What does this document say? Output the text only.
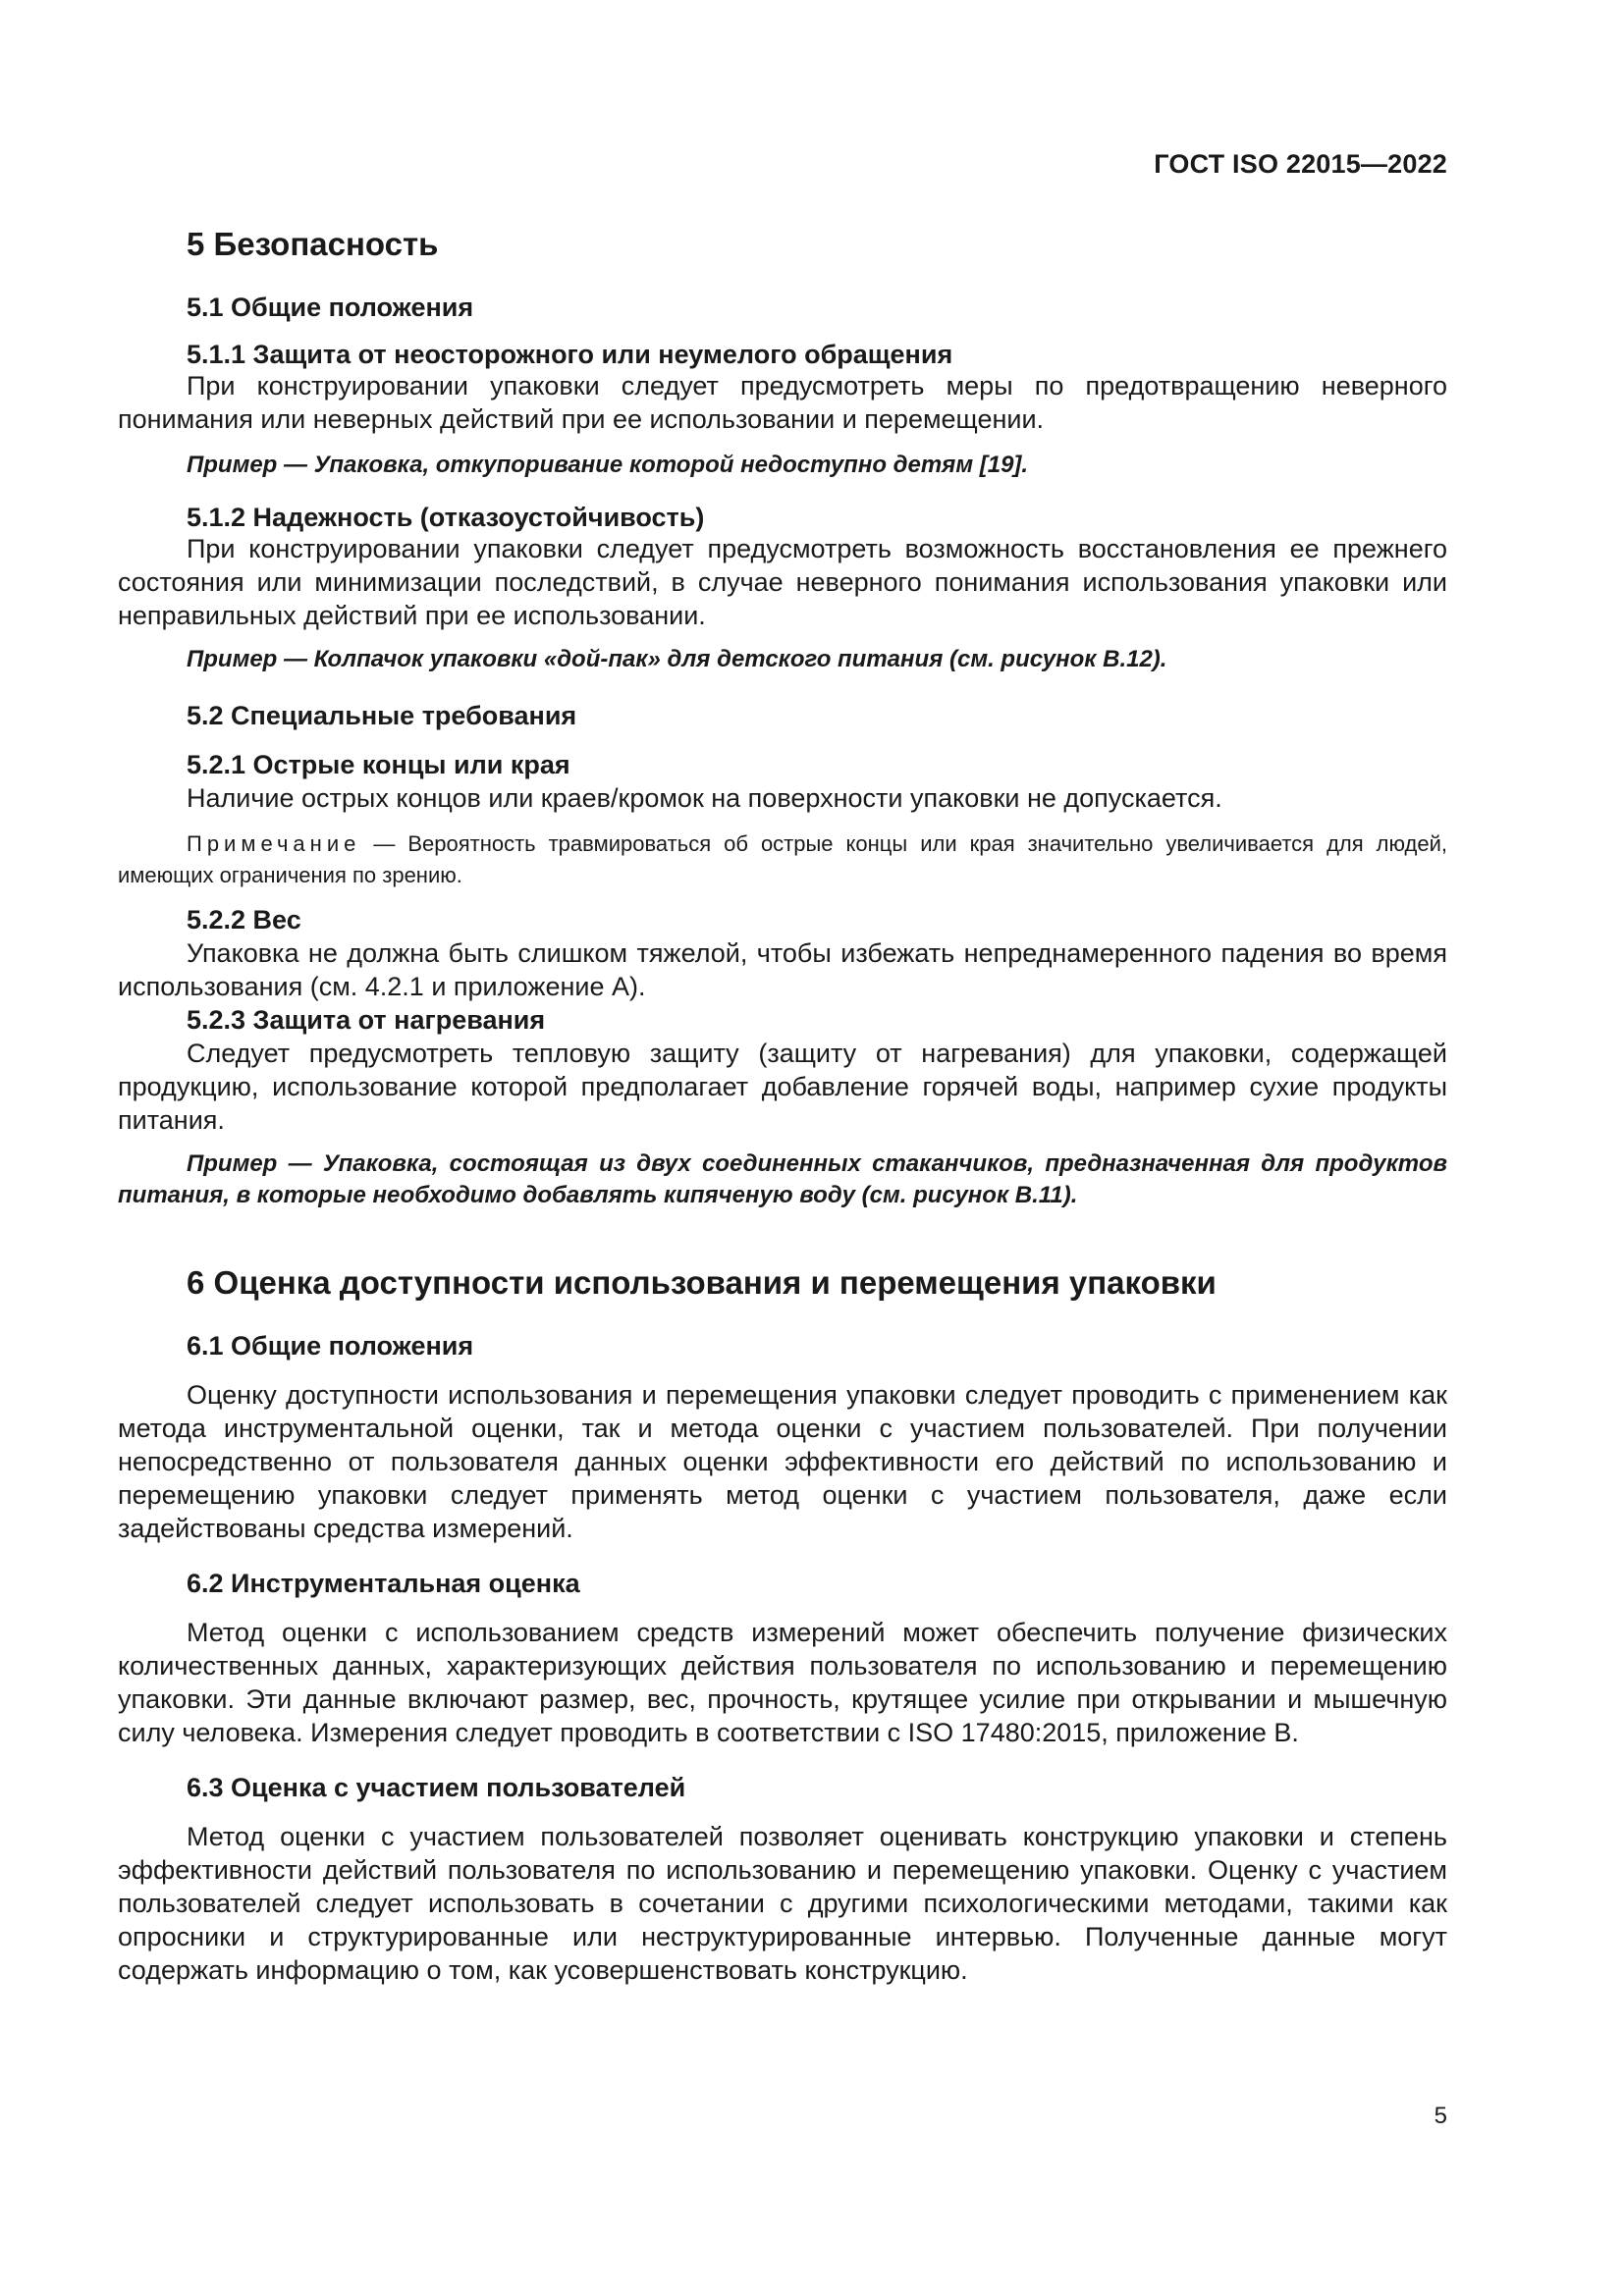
ГОСТ ISO 22015—2022
5 Безопасность
5.1 Общие положения
5.1.1 Защита от неосторожного или неумелого обращения
При конструировании упаковки следует предусмотреть меры по предотвращению неверного понимания или неверных действий при ее использовании и перемещении.
Пример — Упаковка, откупоривание которой недоступно детям [19].
5.1.2 Надежность (отказоустойчивость)
При конструировании упаковки следует предусмотреть возможность восстановления ее прежнего состояния или минимизации последствий, в случае неверного понимания использования упаковки или неправильных действий при ее использовании.
Пример — Колпачок упаковки «дой-пак» для детского питания (см. рисунок В.12).
5.2 Специальные требования
5.2.1 Острые концы или края
Наличие острых концов или краев/кромок на поверхности упаковки не допускается.
Примечание — Вероятность травмироваться об острые концы или края значительно увеличивается для людей, имеющих ограничения по зрению.
5.2.2 Вес
Упаковка не должна быть слишком тяжелой, чтобы избежать непреднамеренного падения во время использования (см. 4.2.1 и приложение А).
5.2.3 Защита от нагревания
Следует предусмотреть тепловую защиту (защиту от нагревания) для упаковки, содержащей продукцию, использование которой предполагает добавление горячей воды, например сухие продукты питания.
Пример — Упаковка, состоящая из двух соединенных стаканчиков, предназначенная для продуктов питания, в которые необходимо добавлять кипяченую воду (см. рисунок В.11).
6 Оценка доступности использования и перемещения упаковки
6.1 Общие положения
Оценку доступности использования и перемещения упаковки следует проводить с применением как метода инструментальной оценки, так и метода оценки с участием пользователей. При получении непосредственно от пользователя данных оценки эффективности его действий по использованию и перемещению упаковки следует применять метод оценки с участием пользователя, даже если задействованы средства измерений.
6.2 Инструментальная оценка
Метод оценки с использованием средств измерений может обеспечить получение физических количественных данных, характеризующих действия пользователя по использованию и перемещению упаковки. Эти данные включают размер, вес, прочность, крутящее усилие при открывании и мышечную силу человека. Измерения следует проводить в соответствии с ISO 17480:2015, приложение В.
6.3 Оценка с участием пользователей
Метод оценки с участием пользователей позволяет оценивать конструкцию упаковки и степень эффективности действий пользователя по использованию и перемещению упаковки. Оценку с участием пользователей следует использовать в сочетании с другими психологическими методами, такими как опросники и структурированные или неструктурированные интервью. Полученные данные могут содержать информацию о том, как усовершенствовать конструкцию.
5
